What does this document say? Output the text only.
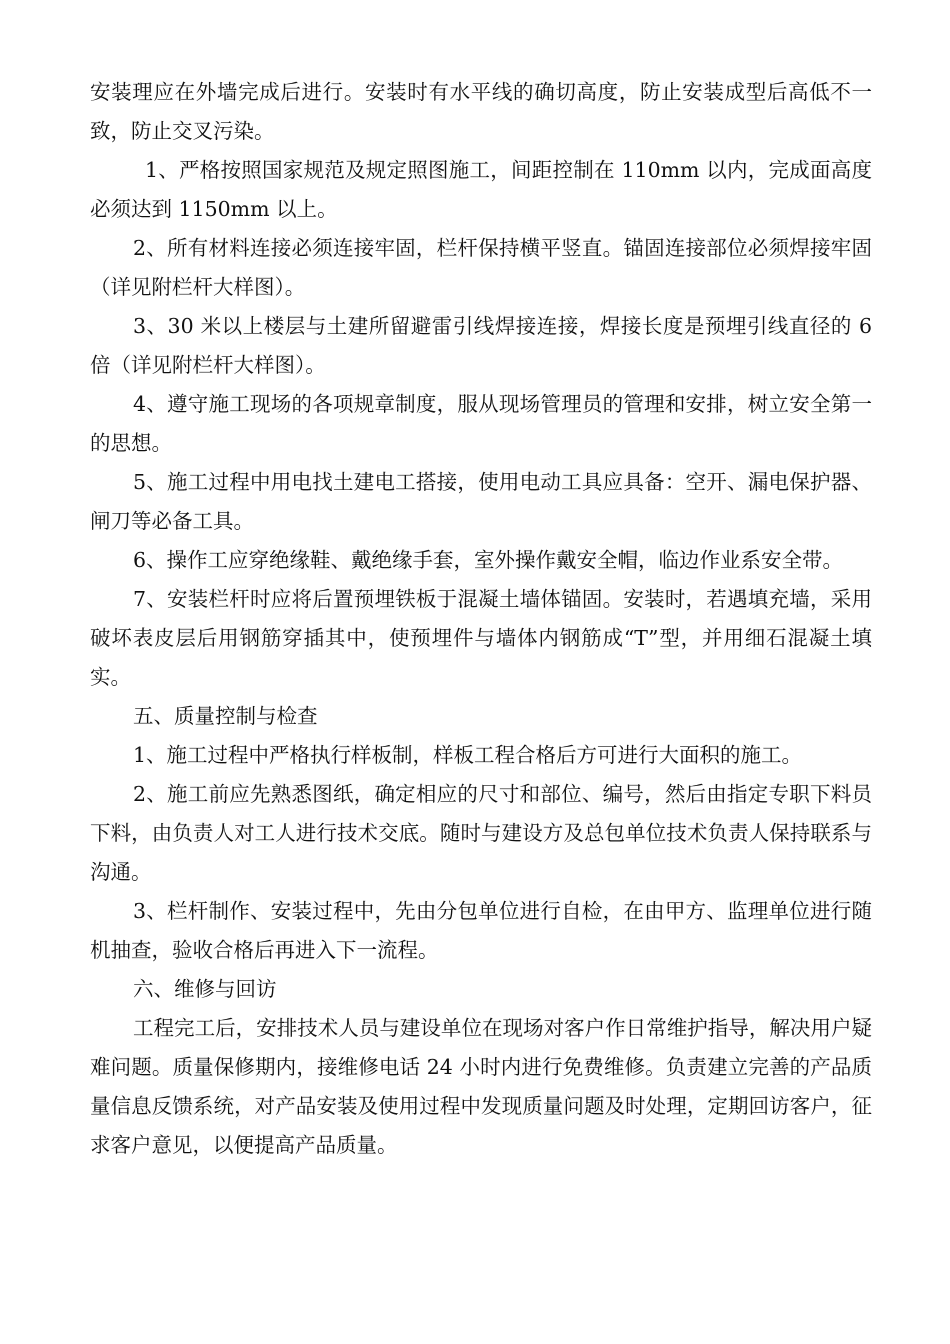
安装理应在外墙完成后进行。安装时有水平线的确切高度，防止安装成型后高低不一致，防止交叉污染。

1、严格按照国家规范及规定照图施工，间距控制在 110mm 以内，完成面高度必须达到 1150mm 以上。

2、所有材料连接必须连接牢固，栏杆保持横平竖直。锚固连接部位必须焊接牢固（详见附栏杆大样图）。

3、30 米以上楼层与土建所留避雷引线焊接连接，焊接长度是预埋引线直径的 6 倍（详见附栏杆大样图）。

4、遵守施工现场的各项规章制度，服从现场管理员的管理和安排，树立安全第一的思想。

5、施工过程中用电找土建电工搭接，使用电动工具应具备：空开、漏电保护器、闸刀等必备工具。

6、操作工应穿绝缘鞋、戴绝缘手套，室外操作戴安全帽，临边作业系安全带。

7、安装栏杆时应将后置预埋铁板于混凝土墙体锚固。安装时，若遇填充墙，采用破坏表皮层后用钢筋穿插其中，使预埋件与墙体内钢筋成“T”型，并用细石混凝土填实。

五、质量控制与检查

1、施工过程中严格执行样板制，样板工程合格后方可进行大面积的施工。

2、施工前应先熟悉图纸，确定相应的尺寸和部位、编号，然后由指定专职下料员下料，由负责人对工人进行技术交底。随时与建设方及总包单位技术负责人保持联系与沟通。

3、栏杆制作、安装过程中，先由分包单位进行自检，在由甲方、监理单位进行随机抽查，验收合格后再进入下一流程。

六、维修与回访

工程完工后，安排技术人员与建设单位在现场对客户作日常维护指导，解决用户疑难问题。质量保修期内，接维修电话 24 小时内进行免费维修。负责建立完善的产品质量信息反馈系统，对产品安装及使用过程中发现质量问题及时处理，定期回访客户，征求客户意见，以便提高产品质量。
